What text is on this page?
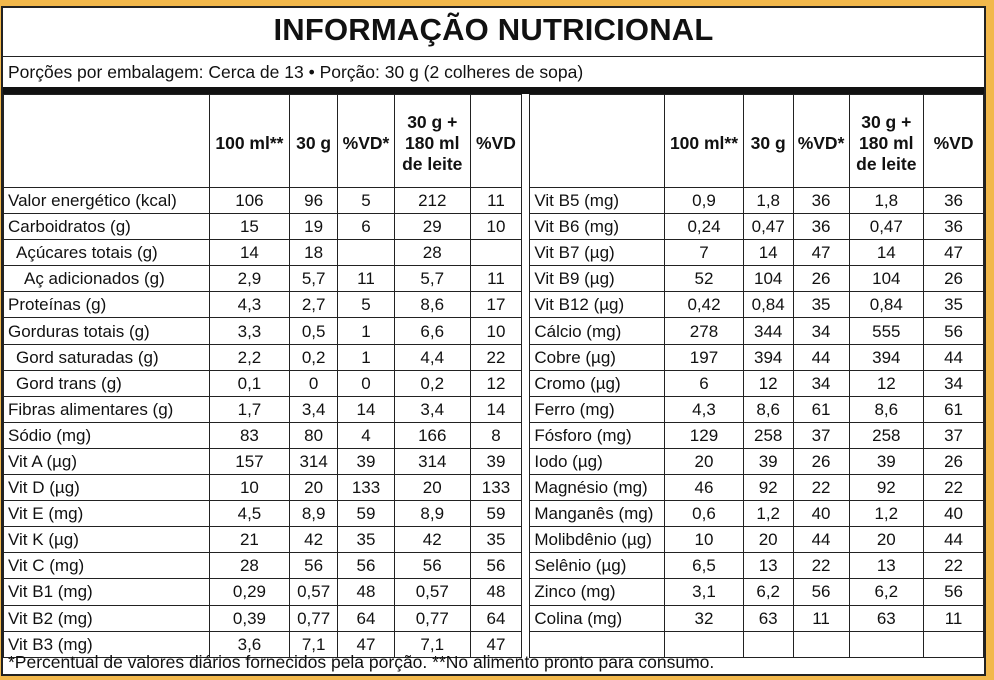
INFORMAÇÃO NUTRICIONAL
Porções por embalagem: Cerca de 13 • Porção: 30 g (2 colheres de sopa)
	100 ml**	30 g	%VD*	30 g + 180 ml de leite	%VD			100 ml**	30 g	%VD*	30 g + 180 ml de leite	%VD
Valor energético (kcal)	106	96	5	212	11		Vit B5 (mg)	0,9	1,8	36	1,8	36
Carboidratos (g)	15	19	6	29	10		Vit B6 (mg)	0,24	0,47	36	0,47	36
Açúcares totais (g)	14	18		28			Vit B7 (µg)	7	14	47	14	47
Aç adicionados (g)	2,9	5,7	11	5,7	11		Vit B9 (µg)	52	104	26	104	26
Proteínas (g)	4,3	2,7	5	8,6	17		Vit B12 (µg)	0,42	0,84	35	0,84	35
Gorduras totais (g)	3,3	0,5	1	6,6	10		Cálcio (mg)	278	344	34	555	56
Gord saturadas (g)	2,2	0,2	1	4,4	22		Cobre (µg)	197	394	44	394	44
Gord trans (g)	0,1	0	0	0,2	12		Cromo (µg)	6	12	34	12	34
Fibras alimentares (g)	1,7	3,4	14	3,4	14		Ferro (mg)	4,3	8,6	61	8,6	61
Sódio (mg)	83	80	4	166	8		Fósforo (mg)	129	258	37	258	37
Vit A (µg)	157	314	39	314	39		Iodo (µg)	20	39	26	39	26
Vit D (µg)	10	20	133	20	133		Magnésio (mg)	46	92	22	92	22
Vit E (mg)	4,5	8,9	59	8,9	59		Manganês (mg)	0,6	1,2	40	1,2	40
Vit K (µg)	21	42	35	42	35		Molibdênio (µg)	10	20	44	20	44
Vit C (mg)	28	56	56	56	56		Selênio (µg)	6,5	13	22	13	22
Vit B1 (mg)	0,29	0,57	48	0,57	48		Zinco (mg)	3,1	6,2	56	6,2	56
Vit B2 (mg)	0,39	0,77	64	0,77	64		Colina (mg)	32	63	11	63	11
Vit B3 (mg)	3,6	7,1	47	7,1	47							
*Percentual de valores diários fornecidos pela porção. **No alimento pronto para consumo.
